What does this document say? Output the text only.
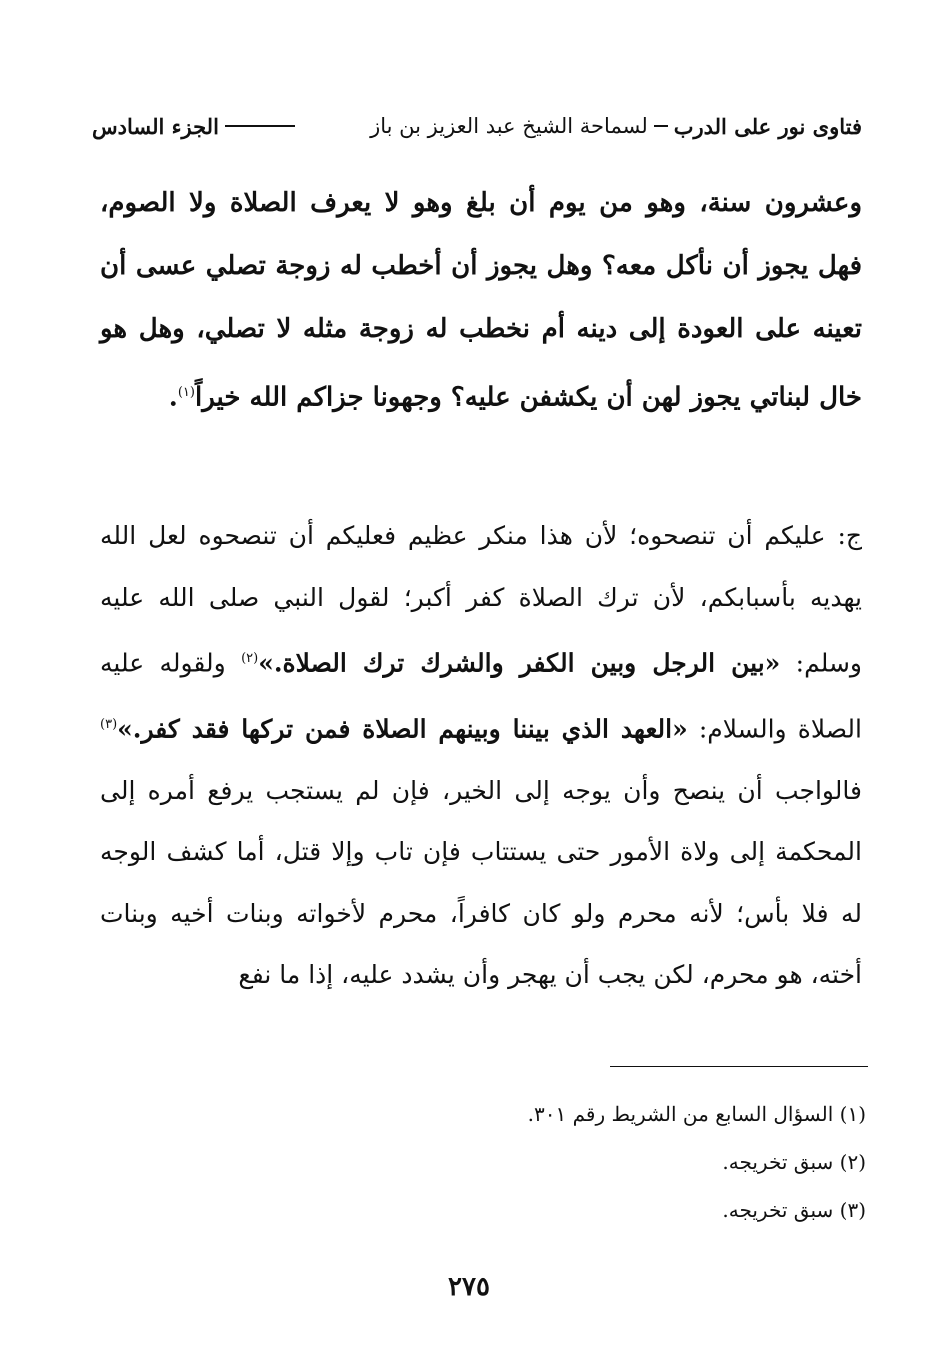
فتاوى نور على الدرب
لسماحة الشيخ عبد العزيز بن باز
الجزء السادس
وعشرون سنة، وهو من يوم أن بلغ وهو لا يعرف الصلاة ولا الصوم، فهل يجوز أن نأكل معه؟ وهل يجوز أن أخطب له زوجة تصلي عسى أن تعينه على العودة إلى دينه أم نخطب له زوجة مثله لا تصلي، وهل هو خال لبناتي يجوز لهن أن يكشفن عليه؟ وجهونا جزاكم الله خيراً$^{(١)}$.
ج: عليكم أن تنصحوه؛ لأن هذا منكر عظيم فعليكم أن تنصحوه لعل الله يهديه بأسبابكم، لأن ترك الصلاة كفر أكبر؛ لقول النبي صلى الله عليه وسلم: «بين الرجل وبين الكفر والشرك ترك الصلاة.»$^{(٢)}$ ولقوله عليه الصلاة والسلام: «العهد الذي بيننا وبينهم الصلاة فمن تركها فقد كفر.»$^{(٣)}$ فالواجب أن ينصح وأن يوجه إلى الخير، فإن لم يستجب يرفع أمره إلى المحكمة إلى ولاة الأمور حتى يستتاب فإن تاب وإلا قتل، أما كشف الوجه له فلا بأس؛ لأنه محرم ولو كان كافراً، محرم لأخواته وبنات أخيه وبنات أخته، هو محرم، لكن يجب أن يهجر وأن يشدد عليه، إذا ما نفع
(١) السؤال السابع من الشريط رقم ٣٠١.
(٢) سبق تخريجه.
(٣) سبق تخريجه.
٢٧٥
